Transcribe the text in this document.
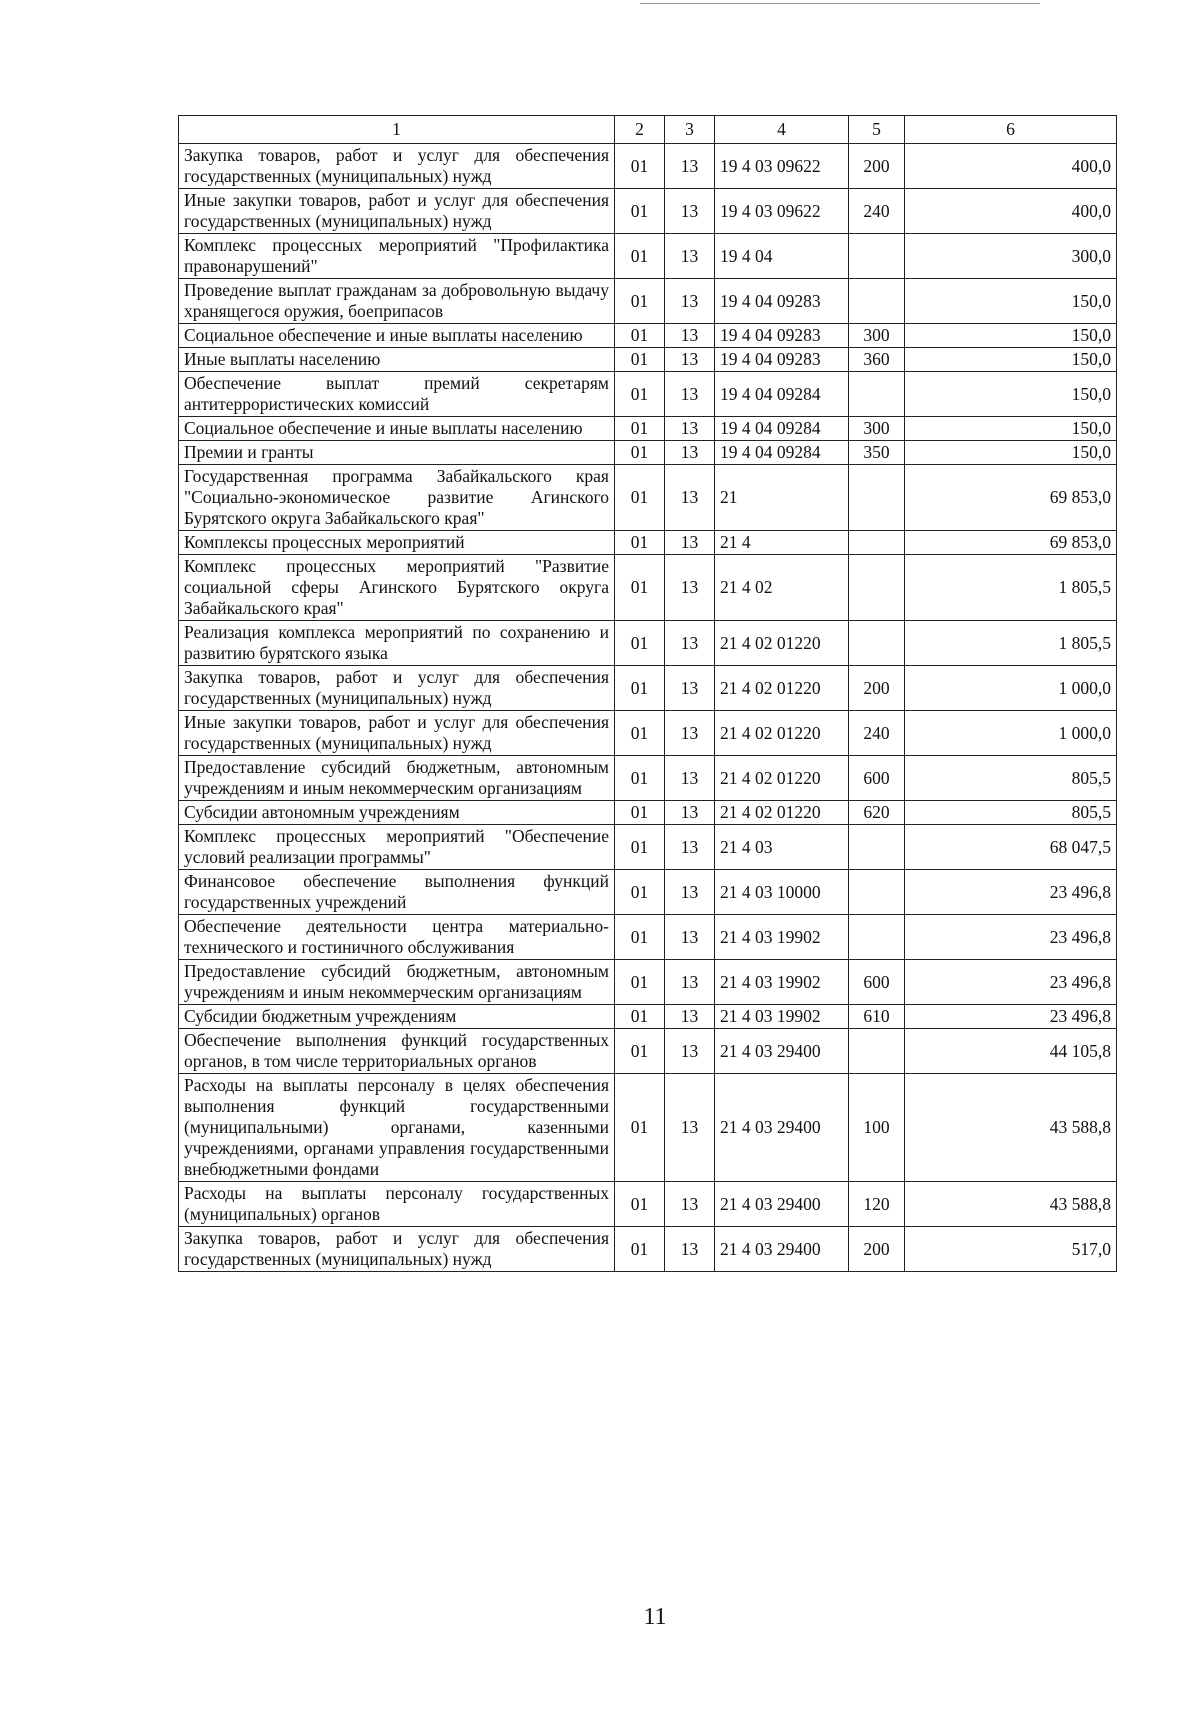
1	2	3	4	5	6
Закупка товаров, работ и услуг для обеспечения государственных (муниципальных) нужд	01	13	19 4 03 09622	200	400,0
Иные закупки товаров, работ и услуг для обеспечения государственных (муниципальных) нужд	01	13	19 4 03 09622	240	400,0
Комплекс процессных мероприятий "Профилактика правонарушений"	01	13	19 4 04		300,0
Проведение выплат гражданам за добровольную выдачу хранящегося оружия, боеприпасов	01	13	19 4 04 09283		150,0
Социальное обеспечение и иные выплаты населению	01	13	19 4 04 09283	300	150,0
Иные выплаты населению	01	13	19 4 04 09283	360	150,0
Обеспечение выплат премий секретарям антитеррористических комиссий	01	13	19 4 04 09284		150,0
Социальное обеспечение и иные выплаты населению	01	13	19 4 04 09284	300	150,0
Премии и гранты	01	13	19 4 04 09284	350	150,0
Государственная программа Забайкальского края "Социально-экономическое развитие Агинского Бурятского округа Забайкальского края"	01	13	21		69 853,0
Комплексы процессных мероприятий	01	13	21 4		69 853,0
Комплекс процессных мероприятий "Развитие социальной сферы Агинского Бурятского округа Забайкальского края"	01	13	21 4 02		1 805,5
Реализация комплекса мероприятий по сохранению и развитию бурятского языка	01	13	21 4 02 01220		1 805,5
Закупка товаров, работ и услуг для обеспечения государственных (муниципальных) нужд	01	13	21 4 02 01220	200	1 000,0
Иные закупки товаров, работ и услуг для обеспечения государственных (муниципальных) нужд	01	13	21 4 02 01220	240	1 000,0
Предоставление субсидий бюджетным, автономным учреждениям и иным некоммерческим организациям	01	13	21 4 02 01220	600	805,5
Субсидии автономным учреждениям	01	13	21 4 02 01220	620	805,5
Комплекс процессных мероприятий "Обеспечение условий реализации программы"	01	13	21 4 03		68 047,5
Финансовое обеспечение выполнения функций государственных учреждений	01	13	21 4 03 10000		23 496,8
Обеспечение деятельности центра материально-технического и гостиничного обслуживания	01	13	21 4 03 19902		23 496,8
Предоставление субсидий бюджетным, автономным учреждениям и иным некоммерческим организациям	01	13	21 4 03 19902	600	23 496,8
Субсидии бюджетным учреждениям	01	13	21 4 03 19902	610	23 496,8
Обеспечение выполнения функций государственных органов, в том числе территориальных органов	01	13	21 4 03 29400		44 105,8
Расходы на выплаты персоналу в целях обеспечения выполнения функций государственными (муниципальными) органами, казенными учреждениями, органами управления государственными внебюджетными фондами	01	13	21 4 03 29400	100	43 588,8
Расходы на выплаты персоналу государственных (муниципальных) органов	01	13	21 4 03 29400	120	43 588,8
Закупка товаров, работ и услуг для обеспечения государственных (муниципальных) нужд	01	13	21 4 03 29400	200	517,0
11
